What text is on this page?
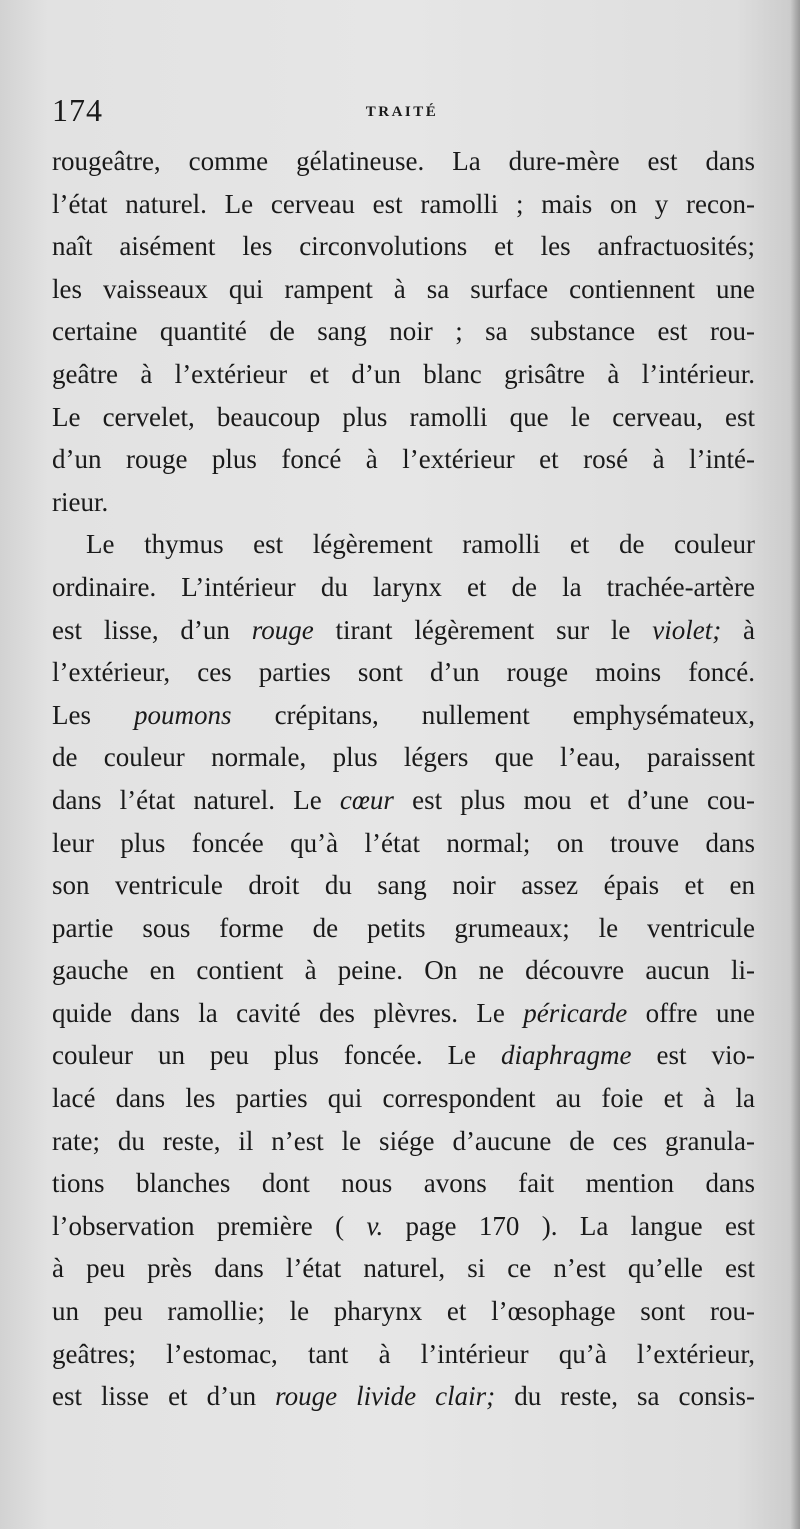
174	TRAITÉ
rougeâtre, comme gélatineuse. La dure-mère est dans
l’état naturel. Le cerveau est ramolli ; mais on y recon-
naît aisément les circonvolutions et les anfractuosités;
les vaisseaux qui rampent à sa surface contiennent une
certaine quantité de sang noir ; sa substance est rou-
geâtre à l’extérieur et d’un blanc grisâtre à l’intérieur.
Le cervelet, beaucoup plus ramolli que le cerveau, est
d’un rouge plus foncé à l’extérieur et rosé à l’inté-
rieur.
Le thymus est légèrement ramolli et de couleur
ordinaire. L’intérieur du larynx et de la trachée-artère
est lisse, d’un rouge tirant légèrement sur le violet; à
l’extérieur, ces parties sont d’un rouge moins foncé.
Les poumons crépitans, nullement emphysémateux,
de couleur normale, plus légers que l’eau, paraissent
dans l’état naturel. Le cœur est plus mou et d’une cou-
leur plus foncée qu’à l’état normal; on trouve dans
son ventricule droit du sang noir assez épais et en
partie sous forme de petits grumeaux; le ventricule
gauche en contient à peine. On ne découvre aucun li-
quide dans la cavité des plèvres. Le péricarde offre une
couleur un peu plus foncée. Le diaphragme est vio-
lacé dans les parties qui correspondent au foie et à la
rate; du reste, il n’est le siége d’aucune de ces granula-
tions blanches dont nous avons fait mention dans
l’observation première ( v. page 170 ). La langue est
à peu près dans l’état naturel, si ce n’est qu’elle est
un peu ramollie; le pharynx et l’œsophage sont rou-
geâtres; l’estomac, tant à l’intérieur qu’à l’extérieur,
est lisse et d’un rouge livide clair; du reste, sa consis-
